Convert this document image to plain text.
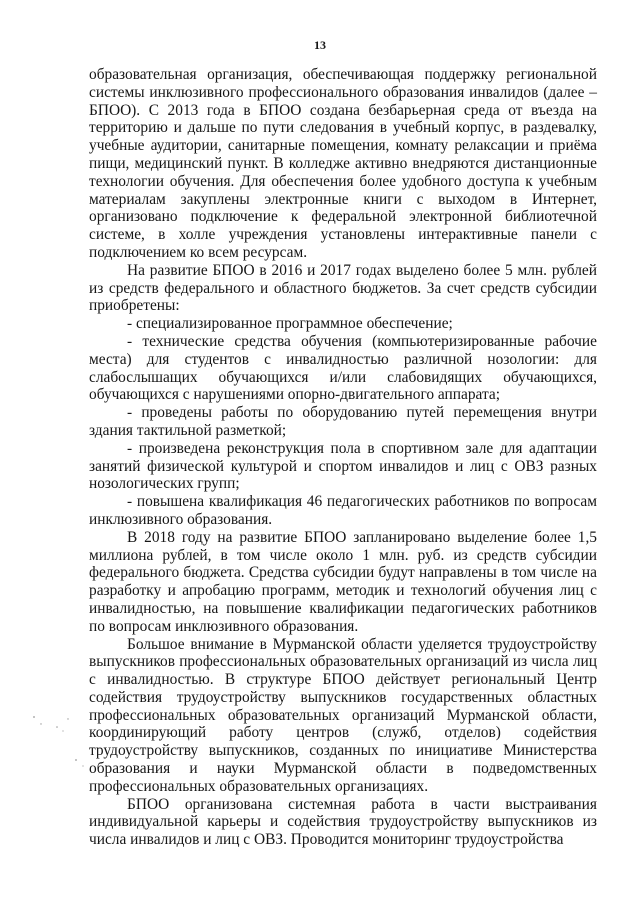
13

образовательная организация, обеспечивающая поддержку региональной системы инклюзивного профессионального образования инвалидов (далее – БПОО). С 2013 года в БПОО создана безбарьерная среда от въезда на территорию и дальше по пути следования в учебный корпус, в раздевалку, учебные аудитории, санитарные помещения, комнату релаксации и приёма пищи, медицинский пункт. В колледже активно внедряются дистанционные технологии обучения. Для обеспечения более удобного доступа к учебным материалам закуплены электронные книги с выходом в Интернет, организовано подключение к федеральной электронной библиотечной системе, в холле учреждения установлены интерактивные панели с подключением ко всем ресурсам.

На развитие БПОО в 2016 и 2017 годах выделено более 5 млн. рублей из средств федерального и областного бюджетов. За счет средств субсидии приобретены:

- специализированное программное обеспечение;

- технические средства обучения (компьютеризированные рабочие места) для студентов с инвалидностью различной нозологии: для слабослышащих обучающихся и/или слабовидящих обучающихся, обучающихся с нарушениями опорно-двигательного аппарата;

- проведены работы по оборудованию путей перемещения внутри здания тактильной разметкой;

- произведена реконструкция пола в спортивном зале для адаптации занятий физической культурой и спортом инвалидов и лиц с ОВЗ разных нозологических групп;

- повышена квалификация 46 педагогических работников по вопросам инклюзивного образования.

В 2018 году на развитие БПОО запланировано выделение более 1,5 миллиона рублей, в том числе около 1 млн. руб. из средств субсидии федерального бюджета. Средства субсидии будут направлены в том числе на разработку и апробацию программ, методик и технологий обучения лиц с инвалидностью, на повышение квалификации педагогических работников по вопросам инклюзивного образования.

Большое внимание в Мурманской области уделяется трудоустройству выпускников профессиональных образовательных организаций из числа лиц с инвалидностью. В структуре БПОО действует региональный Центр содействия трудоустройству выпускников государственных областных профессиональных образовательных организаций Мурманской области, координирующий работу центров (служб, отделов) содействия трудоустройству выпускников, созданных по инициативе Министерства образования и науки Мурманской области в подведомственных профессиональных образовательных организациях.

БПОО организована системная работа в части выстраивания индивидуальной карьеры и содействия трудоустройству выпускников из числа инвалидов и лиц с ОВЗ. Проводится мониторинг трудоустройства
